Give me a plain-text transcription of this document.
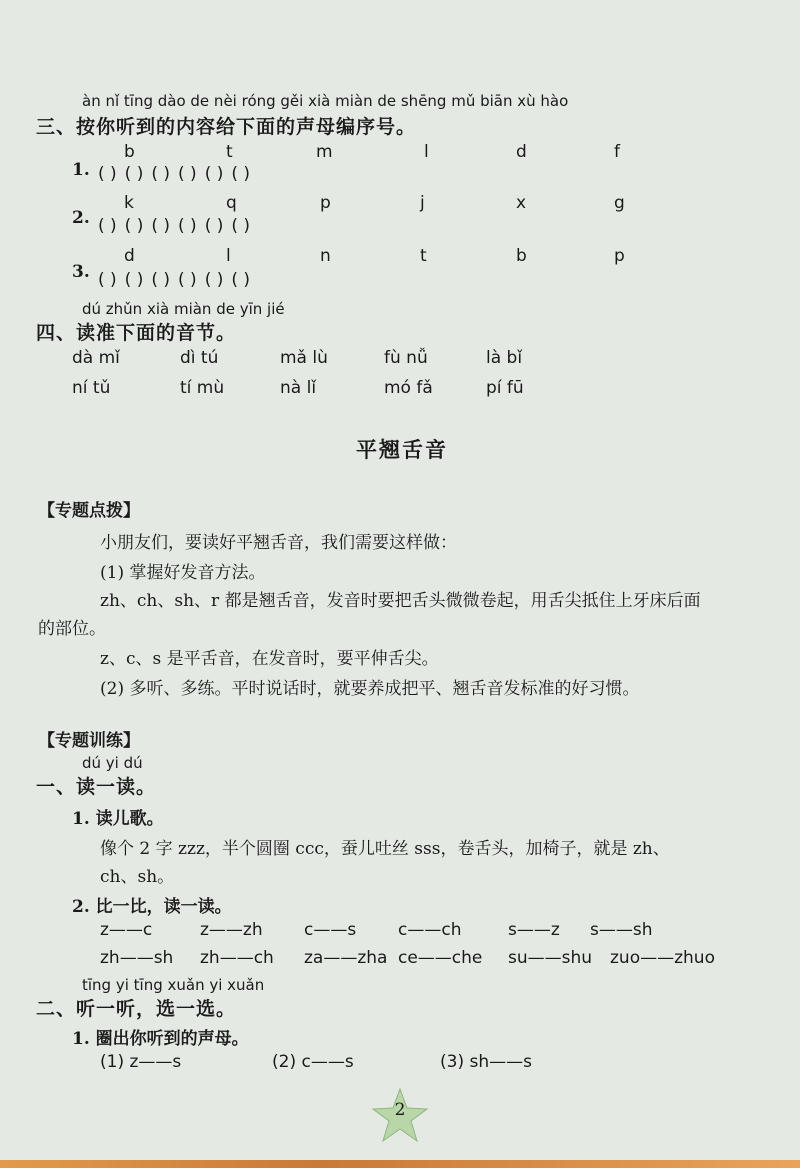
àn nǐ tīng dào de nèi róng gěi xià miàn de shēng mǔ biān xù hào
三、按你听到的内容给下面的声母编序号。
1.
b	t	m	l	d	f
( ) ( ) ( ) ( ) ( ) ( )
2.
k	q	p	j	x	g
( ) ( ) ( ) ( ) ( ) ( )
3.
d	l	n	t	b	p
( ) ( ) ( ) ( ) ( ) ( )
dú zhǔn xià miàn de yīn jié
四、读准下面的音节。
dà mǐ	dì tú	mǎ lù	fù nǚ	là bǐ
ní tǔ	tí mù	nà lǐ	mó fǎ	pí fū
平翘舌音
【专题点拨】
小朋友们，要读好平翘舌音，我们需要这样做：
(1) 掌握好发音方法。
zh、ch、sh、r 都是翘舌音，发音时要把舌头微微卷起，用舌尖抵住上牙床后面
的部位。
z、c、s 是平舌音，在发音时，要平伸舌尖。
(2) 多听、多练。平时说话时，就要养成把平、翘舌音发标准的好习惯。
【专题训练】
dú yi dú
一、读一读。
1. 读儿歌。
像个 2 字 zzz，半个圆圈 ccc，蚕儿吐丝 sss，卷舌头，加椅子，就是 zh、
ch、sh。
2. 比一比，读一读。
z——c	z——zh c——s c——ch	s——z s——sh
zh——sh zh——ch za——zha ce——che su——shu zuo——zhuo
tīng yi tīng xuǎn yi xuǎn
二、听一听，选一选。
1. 圈出你听到的声母。
(1) z——s	(2) c——s	(3) sh——s
2
